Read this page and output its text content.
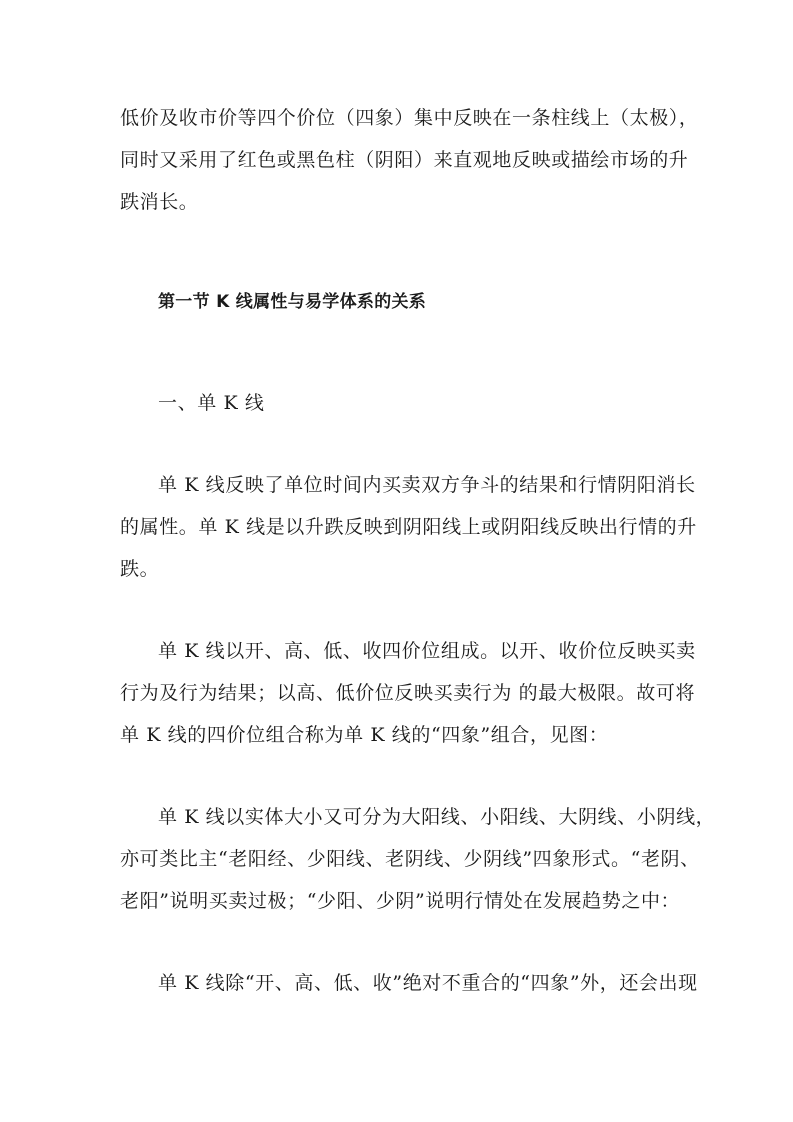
低价及收市价等四个价位（四象）集中反映在一条柱线上（太极），
同时又采用了红色或黑色柱（阴阳）来直观地反映或描绘市场的升
跌消长。
第一节 K 线属性与易学体系的关系
一、单 K 线
单 K 线反映了单位时间内买卖双方争斗的结果和行情阴阳消长
的属性。单 K 线是以升跌反映到阴阳线上或阴阳线反映出行情的升
跌。
单 K 线以开、高、低、收四价位组成。以开、收价位反映买卖
行为及行为结果；以高、低价位反映买卖行为 的最大极限。故可将
单 K 线的四价位组合称为单 K 线的“四象”组合，见图：
单 K 线以实体大小又可分为大阳线、小阳线、大阴线、小阴线，
亦可类比主“老阳经、少阳线、老阴线、少阴线”四象形式。“老阴、
老阳”说明买卖过极；“少阳、少阴”说明行情处在发展趋势之中：
单 K 线除“开、高、低、收”绝对不重合的“四象”外，还会出现
